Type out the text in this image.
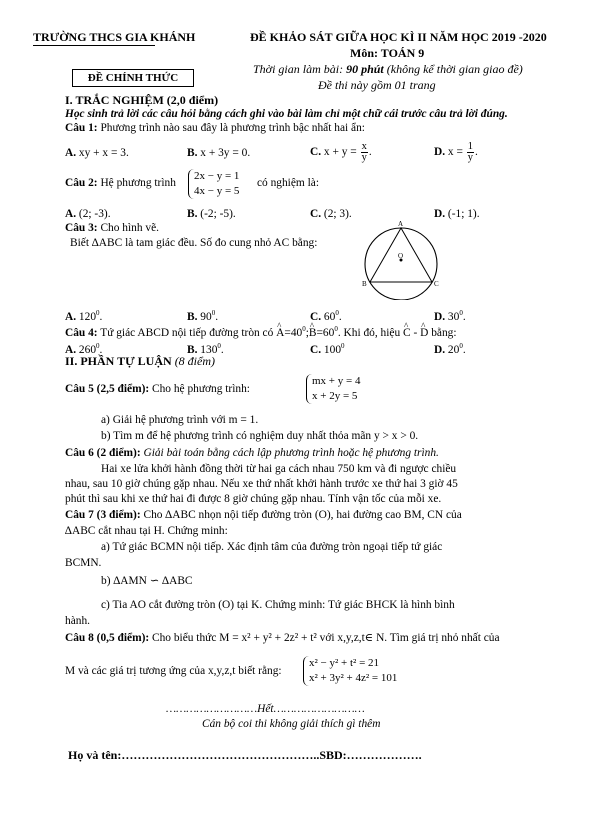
TRƯỜNG THCS GIA KHÁNH	ĐỀ KHẢO SÁT GIỮA HỌC KÌ II NĂM HỌC 2019 -2020
Môn: TOÁN 9
ĐỀ CHÍNH THỨC
Thời gian làm bài: 90 phút (không kể thời gian giao đề)
Đề thi này gồm 01 trang
I. TRẮC NGHIỆM (2,0 điểm)
Học sinh trả lời các câu hỏi bằng cách ghi vào bài làm chỉ một chữ cái trước câu trả lời đúng.
Câu 1: Phương trình nào sau đây là phương trình bậc nhất hai ẩn:
A. xy + x = 3.	B. x + 3y = 0.	C. $x + y = \frac{x}{y}$ .	D. $x = \frac{1}{y}$ .
Câu 2: Hệ phương trình
2x − y = 1
4x − y = 5
có nghiệm là:
A. (2; -3).	B. (-2; -5).	C. (2; 3).	D. (-1; 1).
Câu 3: Cho hình vẽ.
Biết ∆ABC là tam giác đều. Số đo cung nhỏ AC bằng:
A
B	C
O
A. $120^0$.	B. $90^0$.	C. $60^0$.	D. $30^0$.
Câu 4: Tứ giác ABCD nội tiếp đường tròn có ^ $A=40^0;\^{}$ $B=60^0$. Khi đó, hiệu ^ C - ^ D bằng:
A. $260^0$.	B. $130^0$.	C. $100^0$	D. $20^0$.
II. PHẦN TỰ LUẬN (8 điểm)
Câu 5 (2,5 điểm): Cho hệ phương trình:
mx + y = 4
x + 2y = 5
a) Giải hệ phương trình với m = 1.
b) Tìm m để hệ phương trình có nghiệm duy nhất thỏa mãn y > x > 0.
Câu 6 (2 điểm): Giải bài toán bằng cách lập phương trình hoặc hệ phương trình.
Hai xe lửa khởi hành đồng thời từ hai ga cách nhau 750 km và đi ngược chiều
nhau, sau 10 giờ chúng gặp nhau. Nếu xe thứ nhất khởi hành trước xe thứ hai 3 giờ 45
phút thì sau khi xe thứ hai đi được 8 giờ chúng gặp nhau. Tính vận tốc của mỗi xe.
Câu 7 (3 điểm): Cho ∆ABC nhọn nội tiếp đường tròn (O), hai đường cao BM, CN của
∆ABC cắt nhau tại H. Chứng minh:
a) Tứ giác BCMN nội tiếp. Xác định tâm của đường tròn ngoại tiếp tứ giác
BCMN.
b) ∆AMN ∽ ∆ABC
c) Tia AO cắt đường tròn (O) tại K. Chứng minh: Tứ giác BHCK là hình bình
hành.
Câu 8 (0,5 điểm): Cho biểu thức M = x² + y² + 2z² + t² với x,y,z,t∈ N. Tìm giá trị nhỏ nhất của
M và các giá trị tương ứng của x,y,z,t biết rằng:
x² − y² + t² = 21
x² + 3y² + 4z² = 101
………………………Hết………………………
Cán bộ coi thi không giải thích gì thêm
Họ và tên:…………………………………………..SBD:……………….
